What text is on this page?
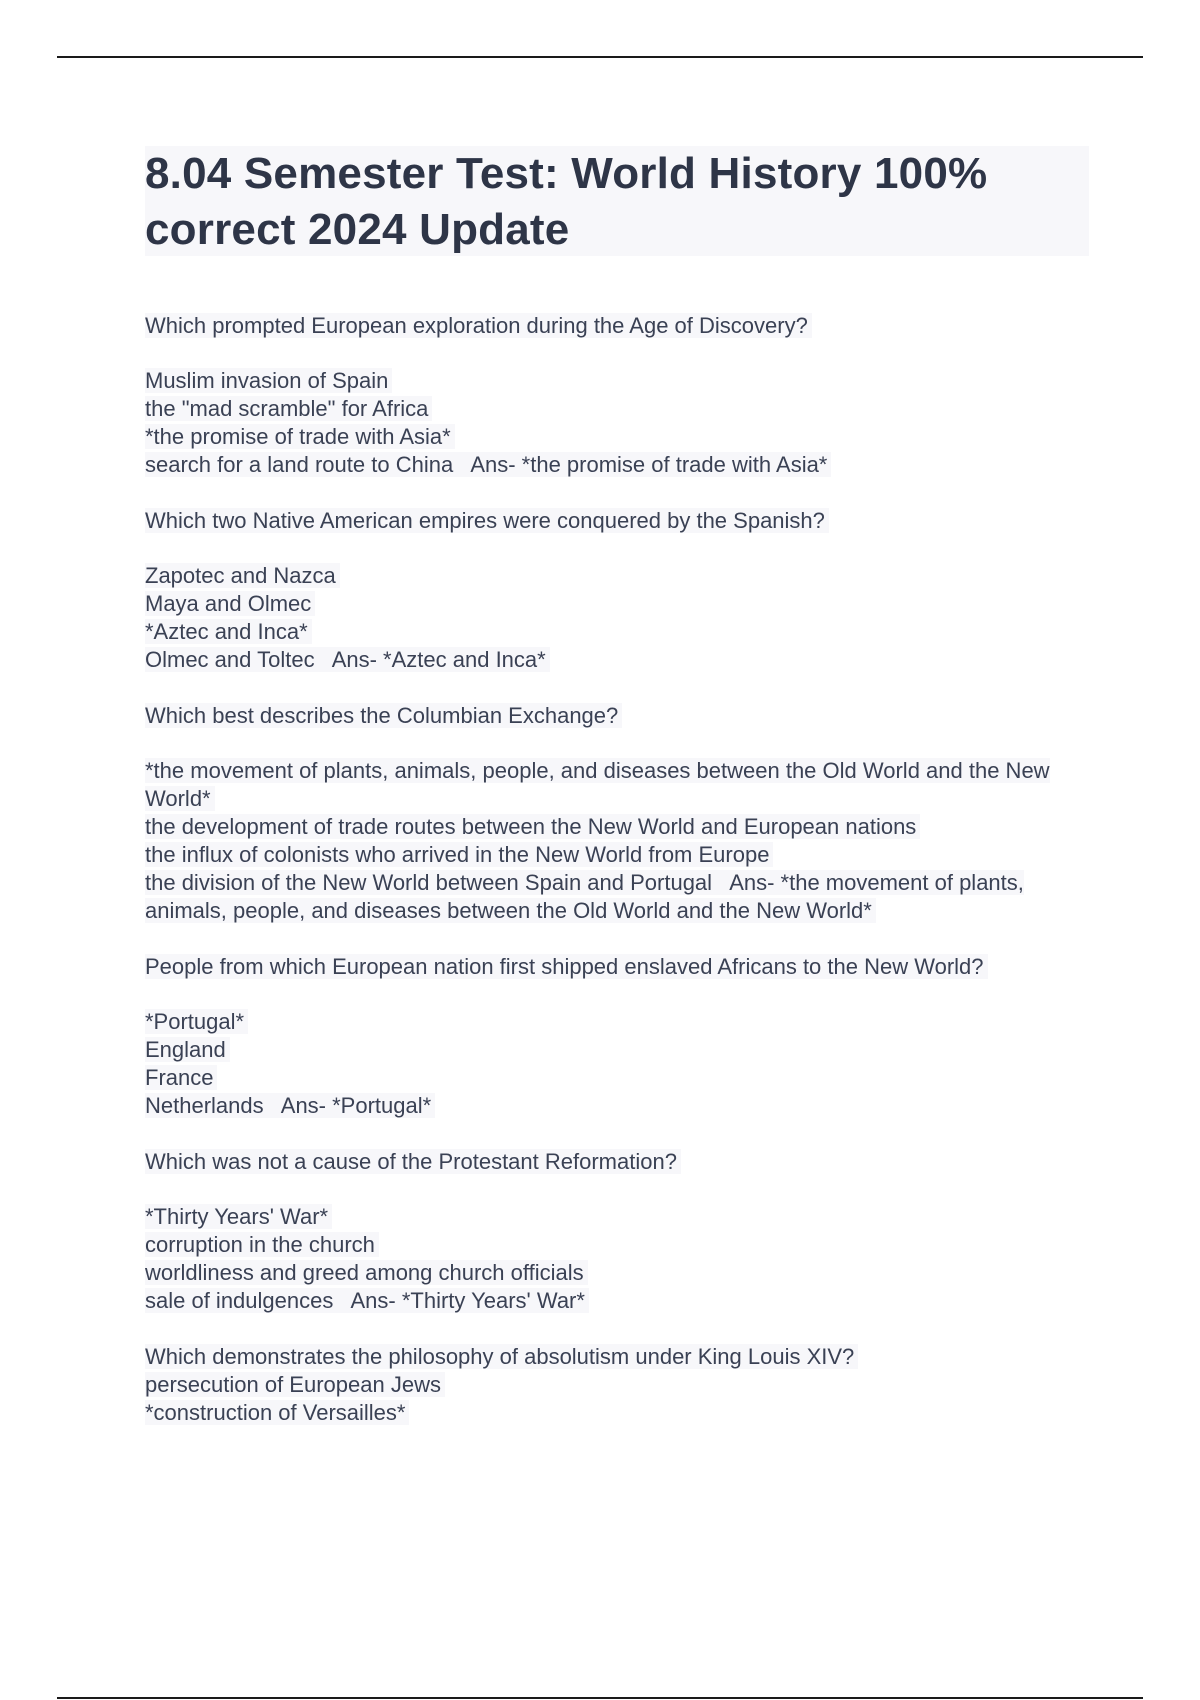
8.04 Semester Test: World History 100% correct 2024 Update
Which prompted European exploration during the Age of Discovery?
Muslim invasion of Spain
the "mad scramble" for Africa
*the promise of trade with Asia*
search for a land route to China Ans- *the promise of trade with Asia*
Which two Native American empires were conquered by the Spanish?
Zapotec and Nazca
Maya and Olmec
*Aztec and Inca*
Olmec and Toltec Ans- *Aztec and Inca*
Which best describes the Columbian Exchange?
*the movement of plants, animals, people, and diseases between the Old World and the New World*
the development of trade routes between the New World and European nations
the influx of colonists who arrived in the New World from Europe
the division of the New World between Spain and Portugal Ans- *the movement of plants, animals, people, and diseases between the Old World and the New World*
People from which European nation first shipped enslaved Africans to the New World?
*Portugal*
England
France
Netherlands Ans- *Portugal*
Which was not a cause of the Protestant Reformation?
*Thirty Years' War*
corruption in the church
worldliness and greed among church officials
sale of indulgences Ans- *Thirty Years' War*
Which demonstrates the philosophy of absolutism under King Louis XIV?
persecution of European Jews
*construction of Versailles*
